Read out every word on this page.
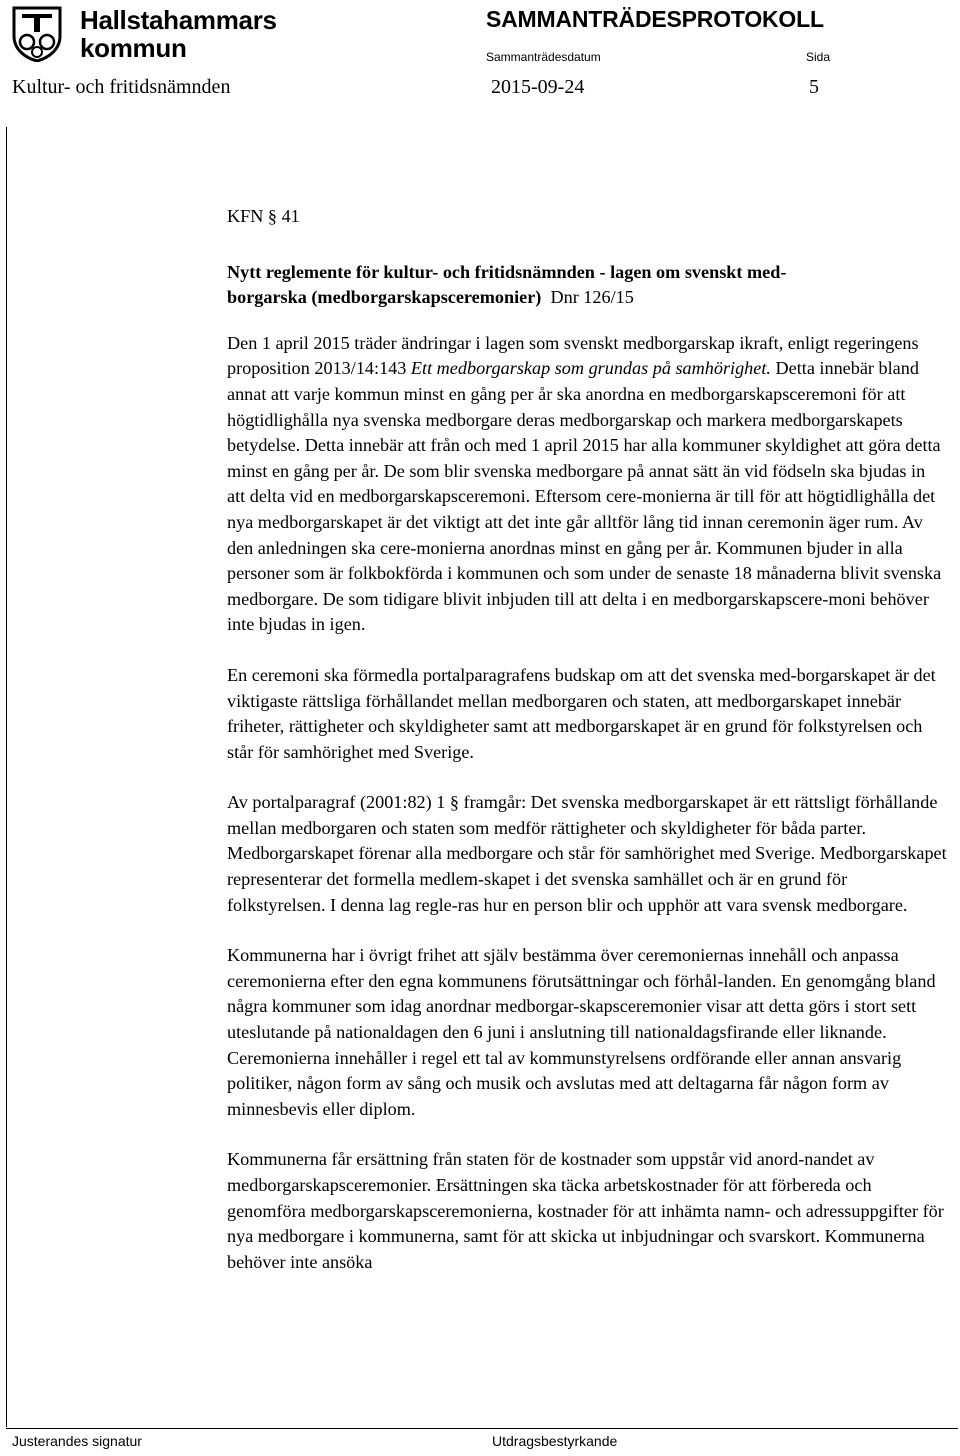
Hallstahammars
kommun
SAMMANTRÄDESPROTOKOLL
Sammanträdesdatum	Sida
Kultur- och fritidsnämnden	2015-09-24	5

KFN § 41

Nytt reglemente för kultur- och fritidsnämnden - lagen om svenskt med-
borgarska (medborgarskapsceremonier) Dnr 126/15

Den 1 april 2015 träder ändringar i lagen som svenskt medborgarskap ikraft, enligt regeringens proposition 2013/14:143 Ett medborgarskap som grundas på samhörighet. Detta innebär bland annat att varje kommun minst en gång per år ska anordna en medborgarskapsceremoni för att högtidlighålla nya svenska medborgare deras medborgarskap och markera medborgarskapets betydelse. Detta innebär att från och med 1 april 2015 har alla kommuner skyldighet att göra detta minst en gång per år. De som blir svenska medborgare på annat sätt än vid födseln ska bjudas in att delta vid en medborgarskapsceremoni. Eftersom cere-monierna är till för att högtidlighålla det nya medborgarskapet är det viktigt att det inte går alltför lång tid innan ceremonin äger rum. Av den anledningen ska cere-monierna anordnas minst en gång per år. Kommunen bjuder in alla personer som är folkbokförda i kommunen och som under de senaste 18 månaderna blivit svenska medborgare. De som tidigare blivit inbjuden till att delta i en medborgarskapscere-moni behöver inte bjudas in igen.

En ceremoni ska förmedla portalparagrafens budskap om att det svenska med-borgarskapet är det viktigaste rättsliga förhållandet mellan medborgaren och staten, att medborgarskapet innebär friheter, rättigheter och skyldigheter samt att medborgarskapet är en grund för folkstyrelsen och står för samhörighet med Sverige.

Av portalparagraf (2001:82) 1 § framgår: Det svenska medborgarskapet är ett rättsligt förhållande mellan medborgaren och staten som medför rättigheter och skyldigheter för båda parter. Medborgarskapet förenar alla medborgare och står för samhörighet med Sverige. Medborgarskapet representerar det formella medlem-skapet i det svenska samhället och är en grund för folkstyrelsen. I denna lag regle-ras hur en person blir och upphör att vara svensk medborgare.

Kommunerna har i övrigt frihet att själv bestämma över ceremoniernas innehåll och anpassa ceremonierna efter den egna kommunens förutsättningar och förhål-landen. En genomgång bland några kommuner som idag anordnar medborgar-skapsceremonier visar att detta görs i stort sett uteslutande på nationaldagen den 6 juni i anslutning till nationaldagsfirande eller liknande. Ceremonierna innehåller i regel ett tal av kommunstyrelsens ordförande eller annan ansvarig politiker, någon form av sång och musik och avslutas med att deltagarna får någon form av minnesbevis eller diplom.

Kommunerna får ersättning från staten för de kostnader som uppstår vid anord-nandet av medborgarskapsceremonier. Ersättningen ska täcka arbetskostnader för att förbereda och genomföra medborgarskapsceremonierna, kostnader för att inhämta namn- och adressuppgifter för nya medborgare i kommunerna, samt för att skicka ut inbjudningar och svarskort. Kommunerna behöver inte ansöka

Justerandes signatur	Utdragsbestyrkande
